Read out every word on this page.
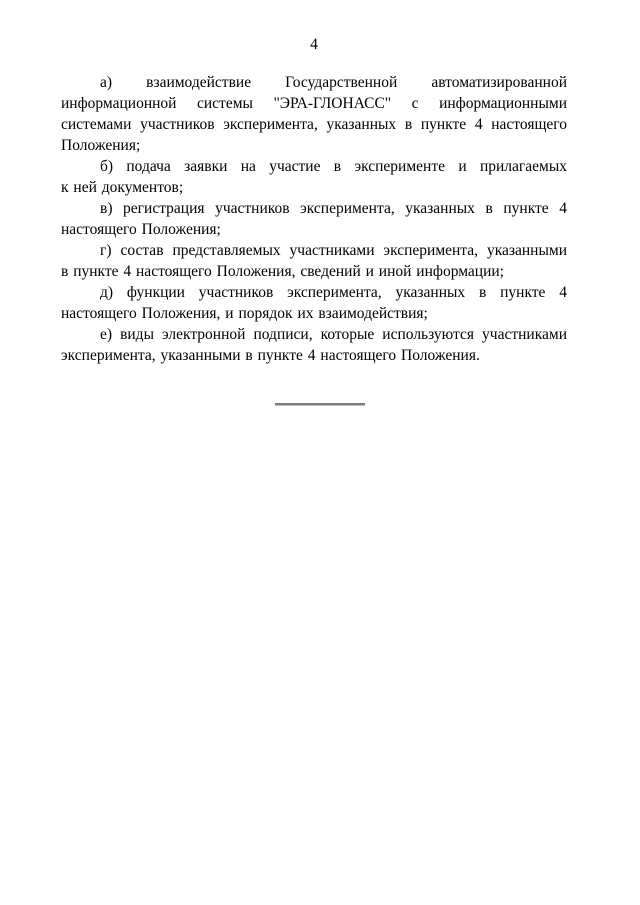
4

а) взаимодействие Государственной автоматизированной
информационной системы "ЭРА-ГЛОНАСС" с информационными
системами участников эксперимента, указанных в пункте 4 настоящего
Положения;

б) подача заявки на участие в эксперименте и прилагаемых
к ней документов;

в) регистрация участников эксперимента, указанных в пункте 4
настоящего Положения;

г) состав представляемых участниками эксперимента, указанными
в пункте 4 настоящего Положения, сведений и иной информации;

д) функции участников эксперимента, указанных в пункте 4
настоящего Положения, и порядок их взаимодействия;

е) виды электронной подписи, которые используются участниками
эксперимента, указанными в пункте 4 настоящего Положения.
